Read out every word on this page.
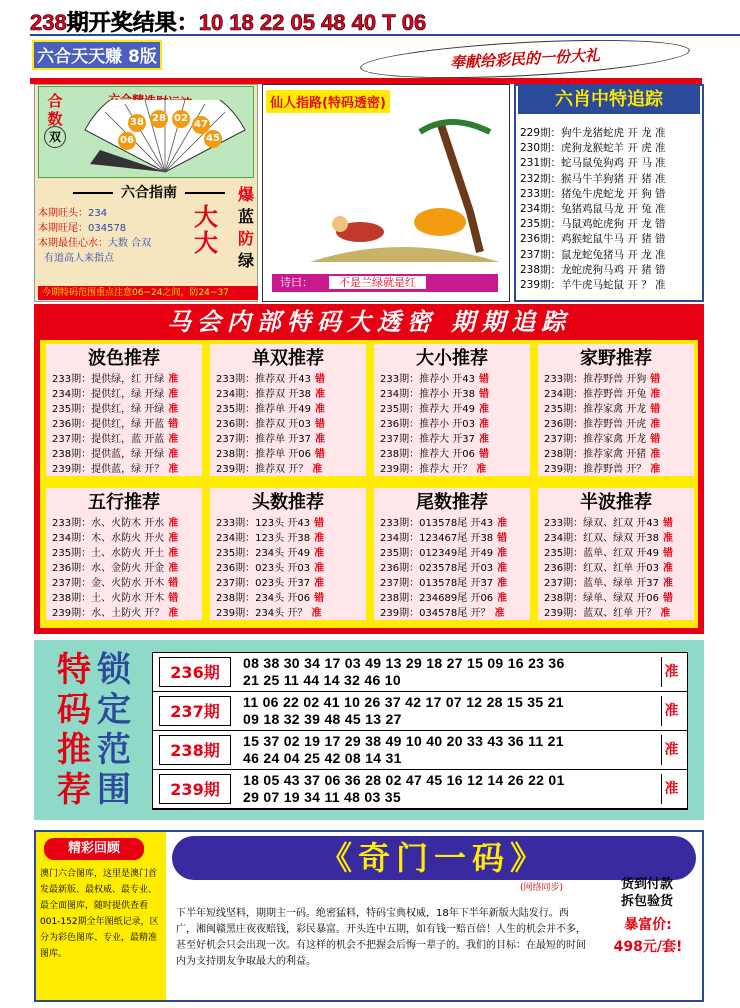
238期开奖结果：10 18 22 05 48 40 T 06
六合天天赚 8版	奉献给彩民的一份大礼
合数
双	06
38 28 02
47
45
六合指南
本期旺头：234
本期旺尾：034578
本期最佳心水：大数 合双
有道高人来指点
大
大
爆
蓝
防
绿
今期特码范围重点注意06~24之间，防24~37
仙人指路(特码透密)
诗曰： 不是兰绿就是红
六肖中特追踪
229期：狗牛龙猪蛇虎 开 龙 准
230期：虎狗龙猴蛇羊 开 虎 准
231期：蛇马鼠兔狗鸡 开 马 准
232期：猴马牛羊狗猪 开 猪 准
233期：猪兔牛虎蛇龙 开 狗 错
234期：兔猪鸡鼠马龙 开 兔 准
235期：马鼠鸡蛇虎狗 开 龙 错
236期：鸡猴蛇鼠牛马 开 猪 错
237期：鼠龙蛇兔猪马 开 龙 准
238期：龙蛇虎狗马鸡 开 猪 错
239期：羊牛虎马蛇鼠 开 ？ 准
马会内部特码大透密 期期追踪
波色推荐
233期：提供绿，红 开绿 准
234期：提供红，绿 开绿 准
235期：提供红，绿 开绿 准
236期：提供红，绿 开蓝 错
237期：提供红，蓝 开蓝 准
238期：提供蓝，绿 开绿 准
239期：提供蓝，绿 开？ 准
单双推荐
233期：推荐双 开43 错
234期：推荐双 开38 准
235期：推荐单 开49 准
236期：推荐双 开03 错
237期：推荐单 开37 准
238期：推荐单 开06 错
239期：推荐双 开？ 准
大小推荐
233期：推荐小 开43 错
234期：推荐小 开38 错
235期：推荐大 开49 准
236期：推荐小 开03 准
237期：推荐大 开37 准
238期：推荐大 开06 错
239期：推荐大 开？ 准
家野推荐
233期：推荐野兽 开狗 错
234期：推荐野兽 开兔 准
235期：推荐家禽 开龙 错
236期：推荐野兽 开虎 准
237期：推荐家禽 开龙 错
238期：推荐家禽 开猪 准
239期：推荐野兽 开？ 准
五行推荐
233期：水、火防木 开水 准
234期：木、水防火 开火 准
235期：土、水防火 开土 准
236期：水、金防火 开金 准
237期：金、火防水 开木 错
238期：土、火防水 开木 错
239期：水、土防火 开？ 准
头数推荐
233期：123头 开43 错
234期：123头 开38 准
235期：234头 开49 准
236期：023头 开03 准
237期：023头 开37 准
238期：234头 开06 错
239期：234头 开？ 准
尾数推荐
233期：013578尾 开43 准
234期：123467尾 开38 错
235期：012349尾 开49 准
236期：023578尾 开03 准
237期：013578尾 开37 准
238期：234689尾 开06 准
239期：034578尾 开？ 准
半波推荐
233期：绿双、红双 开43 错
234期：红双、绿双 开38 准
235期：蓝单、红双 开49 错
236期：红双、红单 开03 准
237期：蓝单、绿单 开37 准
238期：绿单、绿双 开06 错
239期：蓝双、红单 开？ 准
特 锁
码 定
推 范
荐 围
236期	08 38 30 34 17 03 49 13 29 18 27 15 09 16 23 36
21 25 11 44 14 32 46 10	准
237期	11 06 22 02 41 10 26 37 42 17 07 12 28 15 35 21
09 18 32 39 48 45 13 27	准
238期	15 37 02 19 17 29 38 49 10 40 20 33 43 36 11 21
46 24 04 25 42 08 14 31	准
239期	18 05 43 37 06 36 28 02 47 45 16 12 14 26 22 01
29 07 19 34 11 48 03 35	准
精彩回顾
澳门六合图库，这里是澳门首发最新版、最权威、最专业、最全面图库，随时提供查看001-152期全年图纸记录，区分为彩色图库、专业，最精准图库。
《奇门一码》
(网络同步)
下半年短线坚料，期期主一码。绝密猛料，特码宝典权威，18年下半年新版大陆发行。西广，湘闽赣黑庄夜夜赔钱，彩民暴富。开头连中五期，如有钱一赔百倍！人生的机会并不多，甚至好机会只会出现一次。有这样的机会不把握会后悔一辈子的。我们的目标：在最短的时间内为支持朋友争取最大的利益。
货到付款
拆包验货
暴富价:
498元/套!
